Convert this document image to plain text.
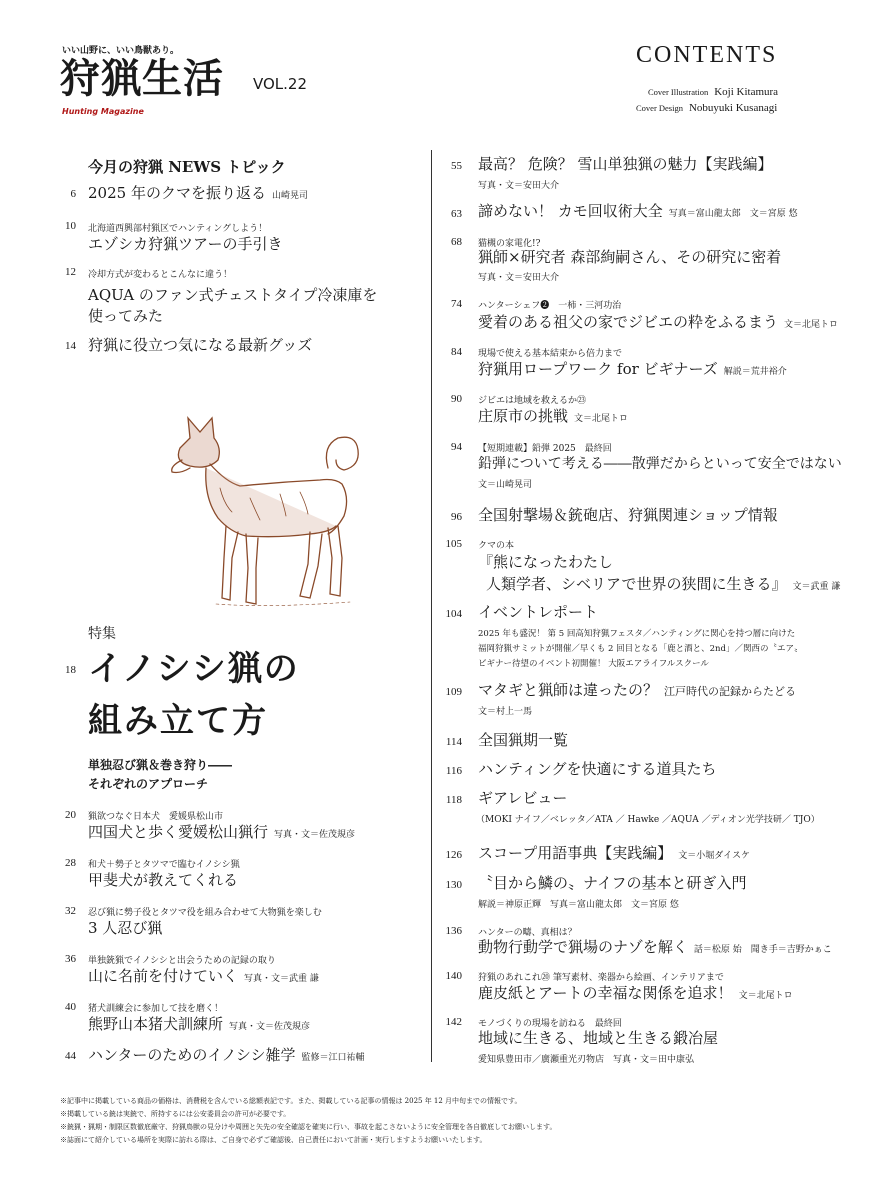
いい山野に、いい鳥獣あり。
狩猟生活 VOL.22
Hunting Magazine
CONTENTS
Cover Illustration Koji Kitamura
Cover Design Nobuyuki Kusanagi
今月の狩猟 NEWS トピック
6 2025 年のクマを振り返る 山崎晃司
10 北海道西興部村猟区でハンティングしよう！
エゾシカ狩猟ツアーの手引き
12 冷却方式が変わるとこんなに違う！
AQUA のファン式チェストタイプ冷凍庫を
使ってみた
14 狩猟に役立つ気になる最新グッズ
特集
18 イノシシ猟の
組み立て方
単独忍び猟＆巻き狩り――
それぞれのアプローチ
20 猟欲つなぐ日本犬　愛媛県松山市
四国犬と歩く愛媛松山猟行 写真・文＝佐茂規彦
28 和犬＋勢子とタツマで臨むイノシシ猟
甲斐犬が教えてくれる
32 忍び猟に勢子役とタツマ役を組み合わせて大物猟を楽しむ
3 人忍び猟
36 単独銃猟でイノシシと出会うための記録の取り
山に名前を付けていく 写真・文＝武重 謙
40 猪犬訓練会に参加して技を磨く！
熊野山本猪犬訓練所 写真・文＝佐茂規彦
44 ハンターのためのイノシシ雑学 監修＝江口祐輔
55 最高？ 危険？ 雪山単独猟の魅力【実践編】
写真・文＝安田大介
63 諦めない！ カモ回収術大全 写真＝富山龍太郎　文＝宮原 悠
68 猫槻の家電化!?
猟師×研究者 森部絢嗣さん、その研究に密着
写真・文＝安田大介
74 ハンターシェフ❷　一柿・三河功治
愛着のある祖父の家でジビエの粋をふるまう 文＝北尾トロ
84 現場で使える基本結束から倍力まで
狩猟用ロープワーク for ビギナーズ 解説＝荒井裕介
90 ジビエは地域を救えるか㉓
庄原市の挑戦 文＝北尾トロ
94 【短期連載】鉛弾 2025　最終回
鉛弾について考える――散弾だからといって安全ではない
文＝山崎晃司
96 全国射撃場＆銃砲店、狩猟関連ショップ情報
105 クマの本
『熊になったわたし
人類学者、シベリアで世界の狭間に生きる』 文＝武重 謙
104 イベントレポート
2025 年も盛況！ 第 5 回高知狩猟フェスタ／ハンティングに関心を持つ層に向けた
福岡狩猟サミットが開催／早くも 2 回目となる「鹿と酒と、2nd」／関西の〝エア〟
ビギナー待望のイベント初開催！ 大阪エアライフルスクール
109 マタギと猟師は違ったの？ 江戸時代の記録からたどる
文＝村上一馬
114 全国猟期一覧
116 ハンティングを快適にする道具たち
118 ギアレビュー
（MOKI ナイフ／ベレッタ／ATA ／ Hawke ／AQUA ／ディオン光学技研／ TJO）
126 スコープ用語事典【実践編】 文＝小堀ダイスケ
130 〝目から鱗の〟ナイフの基本と研ぎ入門
解説＝神原正輝　写真＝富山龍太郎　文＝宮原 悠
136 ハンターの疇、真相は？
動物行動学で猟場のナゾを解く 話＝松原 始　聞き手＝吉野かぁこ
140 狩猟のあれこれ⑳ 筆写素材、楽器から絵画、インテリアまで
鹿皮紙とアートの幸福な関係を追求！ 文＝北尾トロ
142 モノづくりの現場を訪ねる　最終回
地域に生きる、地域と生きる鍛冶屋
愛知県豊田市／廣瀬重光刃物店　写真・文＝田中康弘
※記事中に掲載している商品の価格は、消費税を含んでいる総額表記です。また、掲載している記事の情報は 2025 年 12 月中旬までの情報です。
※掲載している銃は実銃で、所持するには公安委員会の許可が必要です。
※銃猟・猟期・制限区数徹底厳守、狩猟鳥獣の見分けや周囲と矢先の安全確認を確実に行い、事故を起こさないように安全管理を各自徹底してお願いします。
※誌面にて紹介している場所を実際に訪れる際は、ご自身で必ずご確認後、自己責任において計画・実行しますようお願いいたします。
